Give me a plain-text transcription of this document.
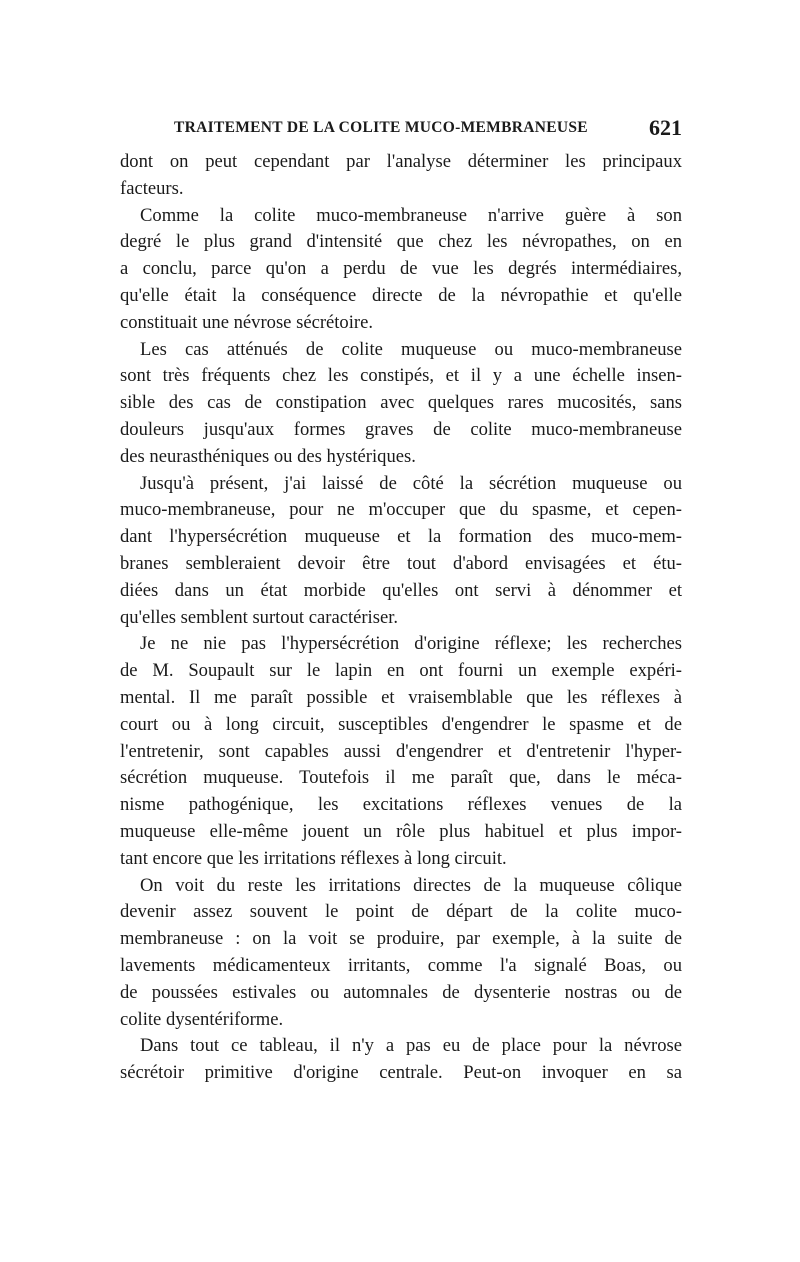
TRAITEMENT DE LA COLITE MUCO-MEMBRANEUSE	621

dont on peut cependant par l'analyse déterminer les principaux
facteurs.

Comme la colite muco-membraneuse n'arrive guère à son
degré le plus grand d'intensité que chez les névropathes, on en
a conclu, parce qu'on a perdu de vue les degrés intermédiaires,
qu'elle était la conséquence directe de la névropathie et qu'elle
constituait une névrose sécrétoire.

Les cas atténués de colite muqueuse ou muco-membraneuse
sont très fréquents chez les constipés, et il y a une échelle insen-
sible des cas de constipation avec quelques rares mucosités, sans
douleurs jusqu'aux formes graves de colite muco-membraneuse
des neurasthéniques ou des hystériques.

Jusqu'à présent, j'ai laissé de côté la sécrétion muqueuse ou
muco-membraneuse, pour ne m'occuper que du spasme, et cepen-
dant l'hypersécrétion muqueuse et la formation des muco-mem-
branes sembleraient devoir être tout d'abord envisagées et étu-
diées dans un état morbide qu'elles ont servi à dénommer et
qu'elles semblent surtout caractériser.

Je ne nie pas l'hypersécrétion d'origine réflexe; les recherches
de M. Soupault sur le lapin en ont fourni un exemple expéri-
mental. Il me paraît possible et vraisemblable que les réflexes à
court ou à long circuit, susceptibles d'engendrer le spasme et de
l'entretenir, sont capables aussi d'engendrer et d'entretenir l'hyper-
sécrétion muqueuse. Toutefois il me paraît que, dans le méca-
nisme pathogénique, les excitations réflexes venues de la
muqueuse elle-même jouent un rôle plus habituel et plus impor-
tant encore que les irritations réflexes à long circuit.

On voit du reste les irritations directes de la muqueuse côlique
devenir assez souvent le point de départ de la colite muco-
membraneuse : on la voit se produire, par exemple, à la suite de
lavements médicamenteux irritants, comme l'a signalé Boas, ou
de poussées estivales ou automnales de dysenterie nostras ou de
colite dysentériforme.

Dans tout ce tableau, il n'y a pas eu de place pour la névrose
sécrétoir primitive d'origine centrale. Peut-on invoquer en sa
